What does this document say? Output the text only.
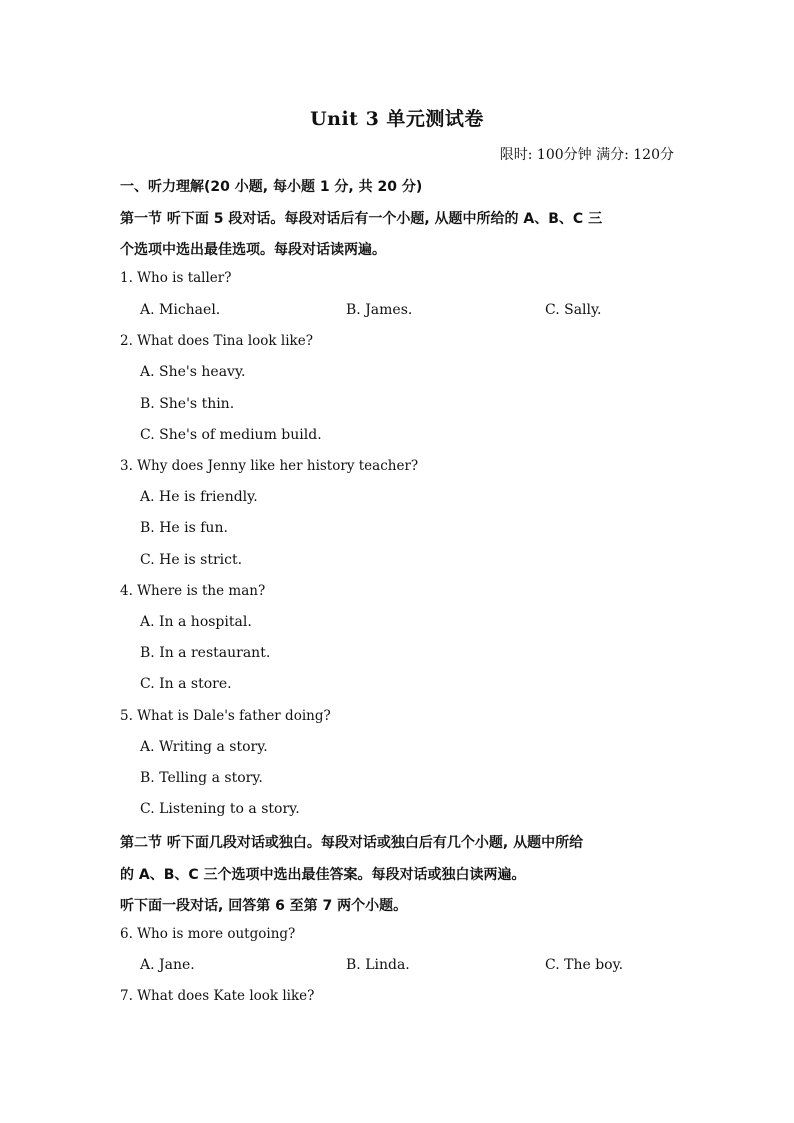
Unit 3 单元测试卷
限时: 100分钟 满分: 120分
一、听力理解(20 小题, 每小题 1 分, 共 20 分)
第一节 听下面 5 段对话。每段对话后有一个小题, 从题中所给的 A、B、C 三
个选项中选出最佳选项。每段对话读两遍。
1. Who is taller?
A. Michael.	B. James.	C. Sally.
2. What does Tina look like?
A. She's heavy.
B. She's thin.
C. She's of medium build.
3. Why does Jenny like her history teacher?
A. He is friendly.
B. He is fun.
C. He is strict.
4. Where is the man?
A. In a hospital.
B. In a restaurant.
C. In a store.
5. What is Dale's father doing?
A. Writing a story.
B. Telling a story.
C. Listening to a story.
第二节 听下面几段对话或独白。每段对话或独白后有几个小题, 从题中所给
的 A、B、C 三个选项中选出最佳答案。每段对话或独白读两遍。
听下面一段对话, 回答第 6 至第 7 两个小题。
6. Who is more outgoing?
A. Jane.	B. Linda.	C. The boy.
7. What does Kate look like?
